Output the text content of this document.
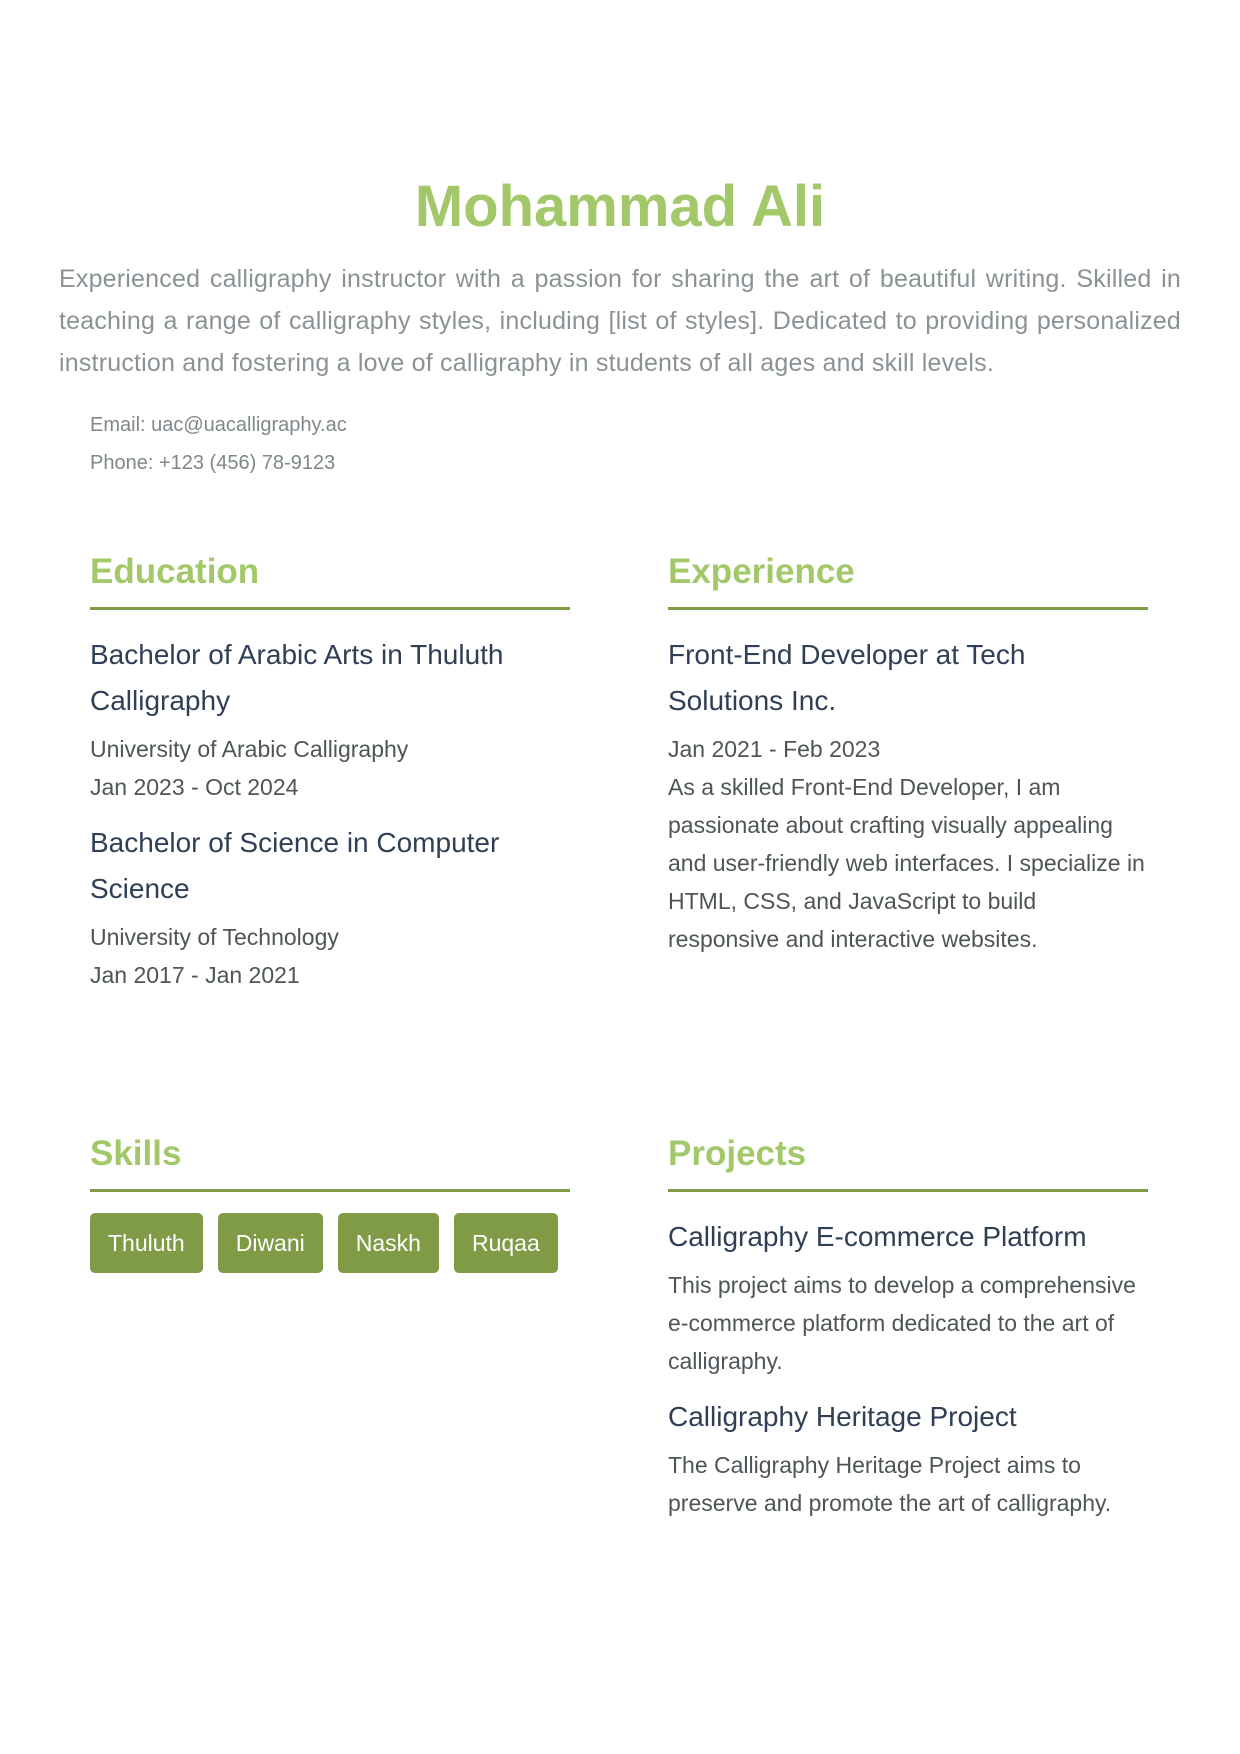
Mohammad Ali

Experienced calligraphy instructor with a passion for sharing the art of beautiful writing. Skilled in teaching a range of calligraphy styles, including [list of styles]. Dedicated to providing personalized instruction and fostering a love of calligraphy in students of all ages and skill levels.

Email: uac@uacalligraphy.ac
Phone: +123 (456) 78-9123
Education
Bachelor of Arabic Arts in Thuluth Calligraphy
University of Arabic Calligraphy
Jan 2023 - Oct 2024
Bachelor of Science in Computer Science
University of Technology
Jan 2017 - Jan 2021
Experience
Front-End Developer at Tech Solutions Inc.
Jan 2021 - Feb 2023

As a skilled Front-End Developer, I am passionate about crafting visually appealing and user-friendly web interfaces. I specialize in HTML, CSS, and JavaScript to build responsive and interactive websites.

Skills
Thuluth	Diwani	Naskh	Ruqaa
Projects
Calligraphy E-commerce Platform

This project aims to develop a comprehensive e-commerce platform dedicated to the art of calligraphy.

Calligraphy Heritage Project

The Calligraphy Heritage Project aims to preserve and promote the art of calligraphy.
